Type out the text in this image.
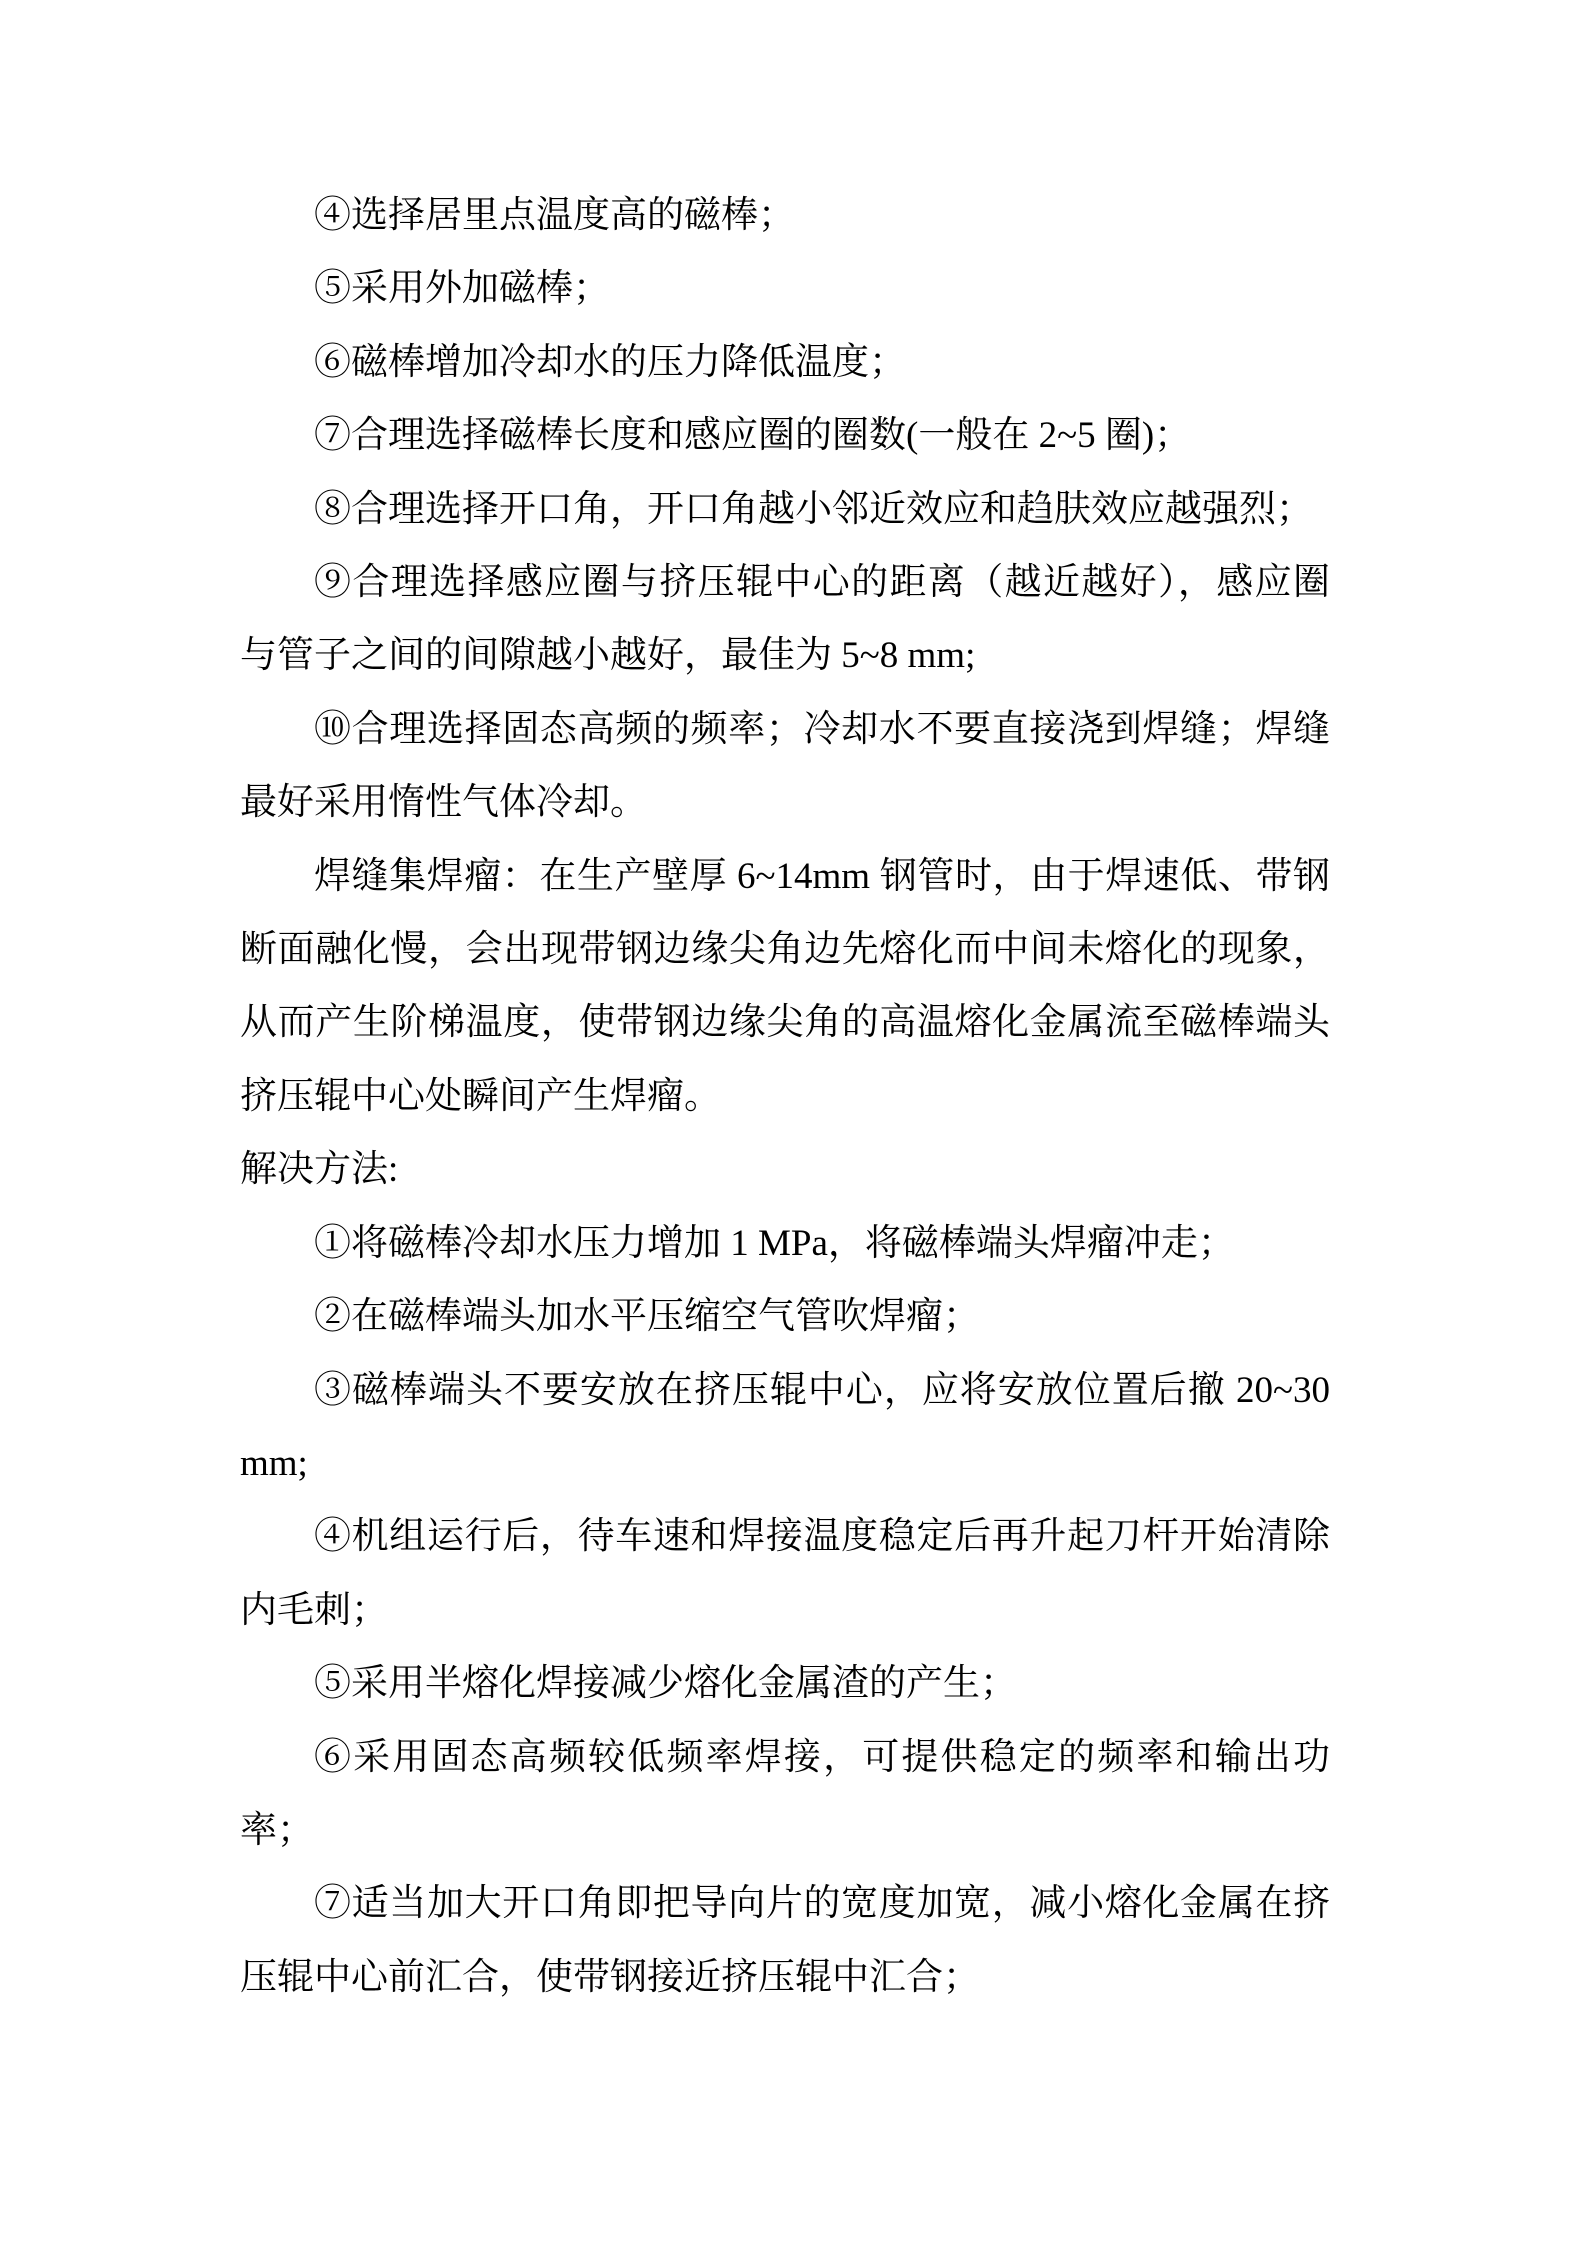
④选择居里点温度高的磁棒；

⑤采用外加磁棒；

⑥磁棒增加冷却水的压力降低温度；

⑦合理选择磁棒长度和感应圈的圈数(一般在 2~5 圈)；

⑧合理选择开口角，开口角越小邻近效应和趋肤效应越强烈；

⑨合理选择感应圈与挤压辊中心的距离（越近越好），感应圈与管子之间的间隙越小越好，最佳为 5~8 mm;

⑩合理选择固态高频的频率；冷却水不要直接浇到焊缝；焊缝最好采用惰性气体冷却。

焊缝集焊瘤：在生产壁厚 6~14mm 钢管时，由于焊速低、带钢断面融化慢，会出现带钢边缘尖角边先熔化而中间未熔化的现象，从而产生阶梯温度，使带钢边缘尖角的高温熔化金属流至磁棒端头挤压辊中心处瞬间产生焊瘤。

解决方法:

①将磁棒冷却水压力增加 1 MPa，将磁棒端头焊瘤冲走；

②在磁棒端头加水平压缩空气管吹焊瘤；

③磁棒端头不要安放在挤压辊中心，应将安放位置后撤 20~30 mm;

④机组运行后，待车速和焊接温度稳定后再升起刀杆开始清除内毛刺；

⑤采用半熔化焊接减少熔化金属渣的产生；

⑥采用固态高频较低频率焊接，可提供稳定的频率和输出功率；

⑦适当加大开口角即把导向片的宽度加宽，减小熔化金属在挤压辊中心前汇合，使带钢接近挤压辊中汇合；
